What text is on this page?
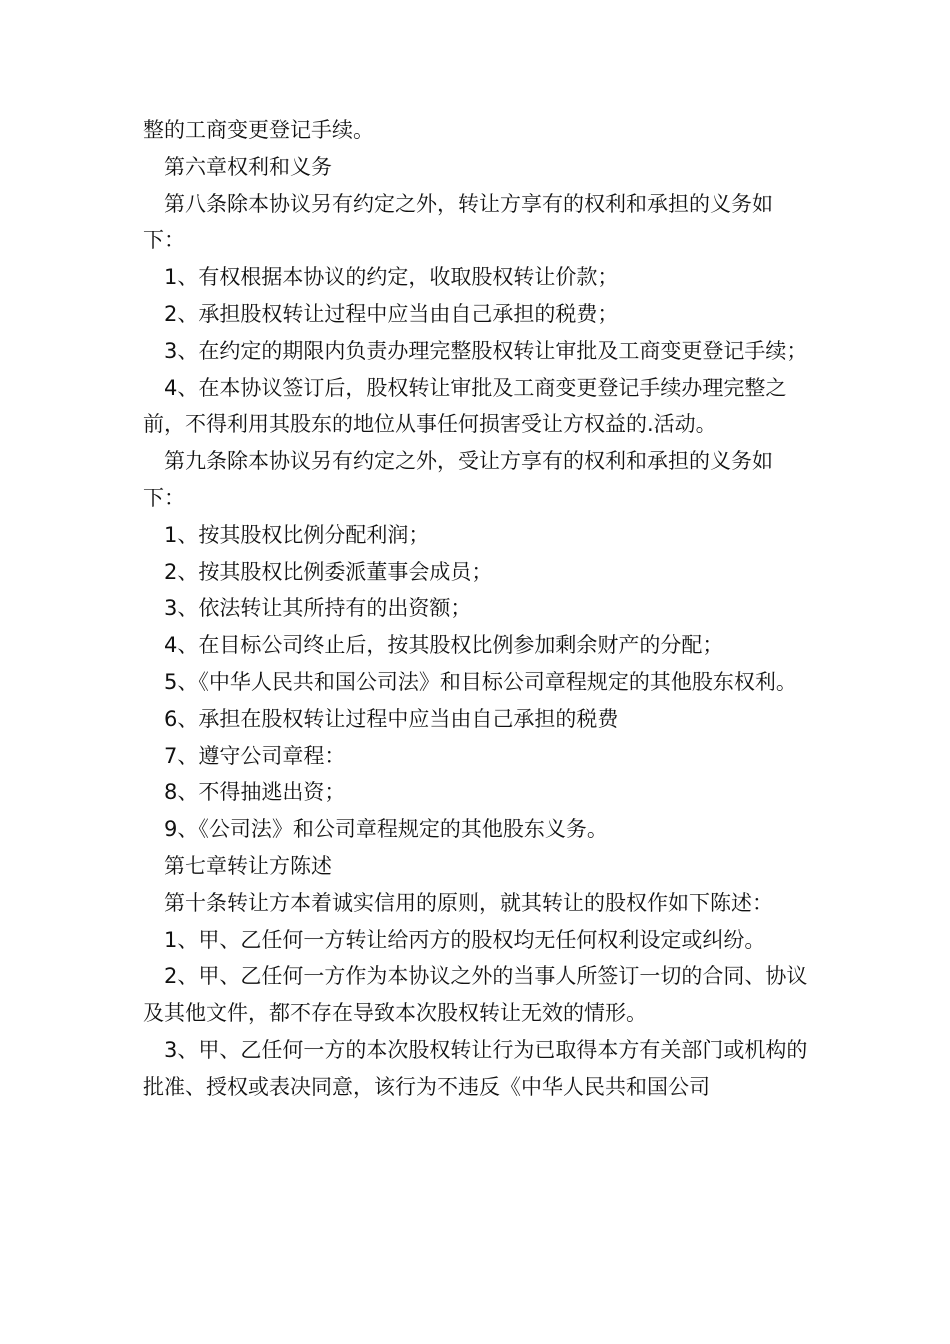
整的工商变更登记手续。

第六章权利和义务

第八条除本协议另有约定之外，转让方享有的权利和承担的义务如下：

1、有权根据本协议的约定，收取股权转让价款；

2、承担股权转让过程中应当由自己承担的税费；

3、在约定的期限内负责办理完整股权转让审批及工商变更登记手续；

4、在本协议签订后，股权转让审批及工商变更登记手续办理完整之前，不得利用其股东的地位从事任何损害受让方权益的.活动。

第九条除本协议另有约定之外，受让方享有的权利和承担的义务如下：

1、按其股权比例分配利润；

2、按其股权比例委派董事会成员；

3、依法转让其所持有的出资额；

4、在目标公司终止后，按其股权比例参加剩余财产的分配；

5、《中华人民共和国公司法》和目标公司章程规定的其他股东权利。

6、承担在股权转让过程中应当由自己承担的税费

7、遵守公司章程：

8、不得抽逃出资；

9、《公司法》和公司章程规定的其他股东义务。

第七章转让方陈述

第十条转让方本着诚实信用的原则，就其转让的股权作如下陈述：

1、甲、乙任何一方转让给丙方的股权均无任何权利设定或纠纷。

2、甲、乙任何一方作为本协议之外的当事人所签订一切的合同、协议及其他文件，都不存在导致本次股权转让无效的情形。

3、甲、乙任何一方的本次股权转让行为已取得本方有关部门或机构的批准、授权或表决同意，该行为不违反《中华人民共和国公司
